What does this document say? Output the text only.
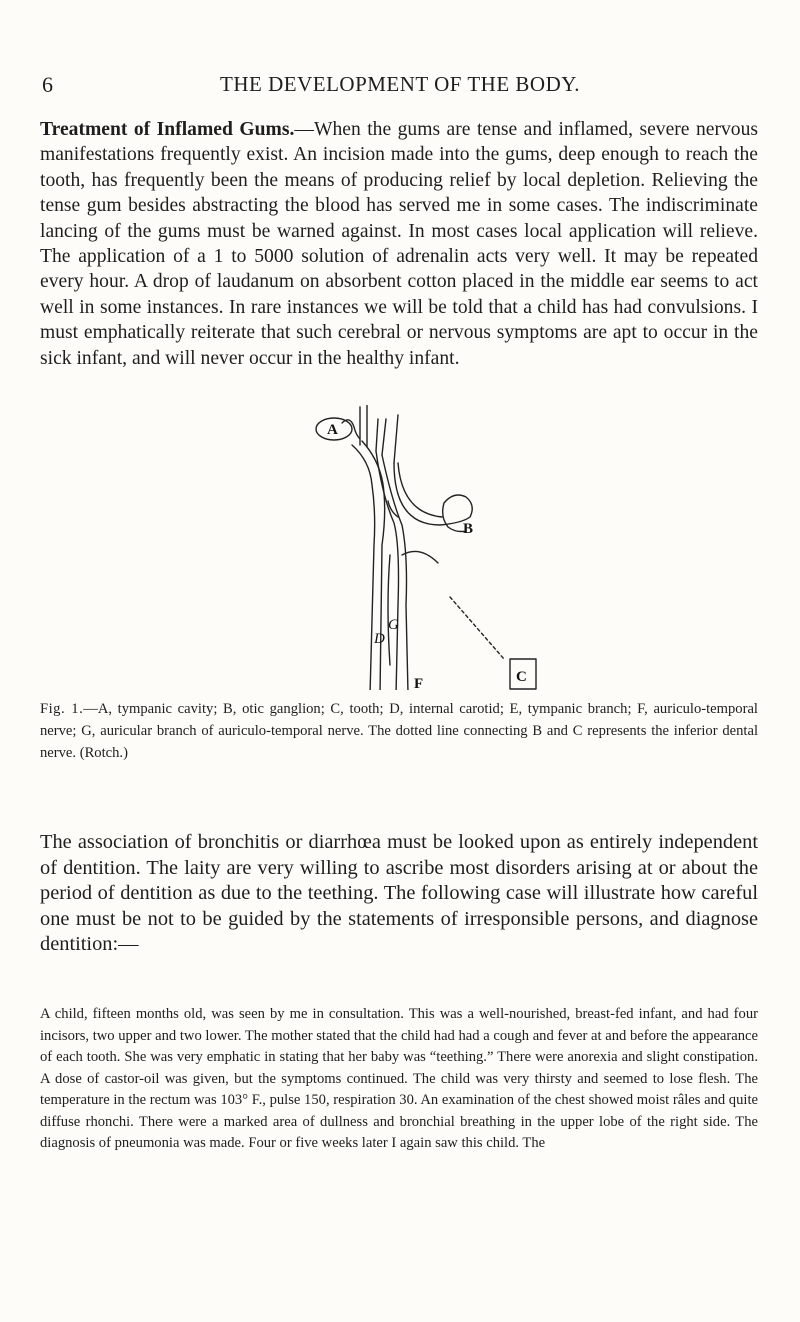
6	THE DEVELOPMENT OF THE BODY.

Treatment of Inflamed Gums.—When the gums are tense and inflamed, severe nervous manifestations frequently exist. An incision made into the gums, deep enough to reach the tooth, has frequently been the means of producing relief by local depletion. Relieving the tense gum besides abstracting the blood has served me in some cases. The indiscriminate lancing of the gums must be warned against. In most cases local application will relieve. The application of a 1 to 5000 solution of adrenalin acts very well. It may be repeated every hour. A drop of laudanum on absorbent cotton placed in the middle ear seems to act well in some instances. In rare instances we will be told that a child has had convulsions. I must emphatically reiterate that such cerebral or nervous symptoms are apt to occur in the sick infant, and will never occur in the healthy infant.

A
B
C
D
F
G

Fig. 1.—A, tympanic cavity; B, otic ganglion; C, tooth; D, internal carotid; E, tympanic branch; F, auriculo-temporal nerve; G, auricular branch of auriculo-temporal nerve. The dotted line connecting B and C represents the inferior dental nerve. (Rotch.)

The association of bronchitis or diarrhœa must be looked upon as entirely independent of dentition. The laity are very willing to ascribe most disorders arising at or about the period of dentition as due to the teething. The following case will illustrate how careful one must be not to be guided by the statements of irresponsible persons, and diagnose dentition:—

A child, fifteen months old, was seen by me in consultation. This was a well-nourished, breast-fed infant, and had four incisors, two upper and two lower. The mother stated that the child had had a cough and fever at and before the appearance of each tooth. She was very emphatic in stating that her baby was “teething.” There were anorexia and slight constipation. A dose of castor-oil was given, but the symptoms continued. The child was very thirsty and seemed to lose flesh. The temperature in the rectum was 103° F., pulse 150, respiration 30. An examination of the chest showed moist râles and quite diffuse rhonchi. There were a marked area of dullness and bronchial breathing in the upper lobe of the right side. The diagnosis of pneumonia was made. Four or five weeks later I again saw this child. The
